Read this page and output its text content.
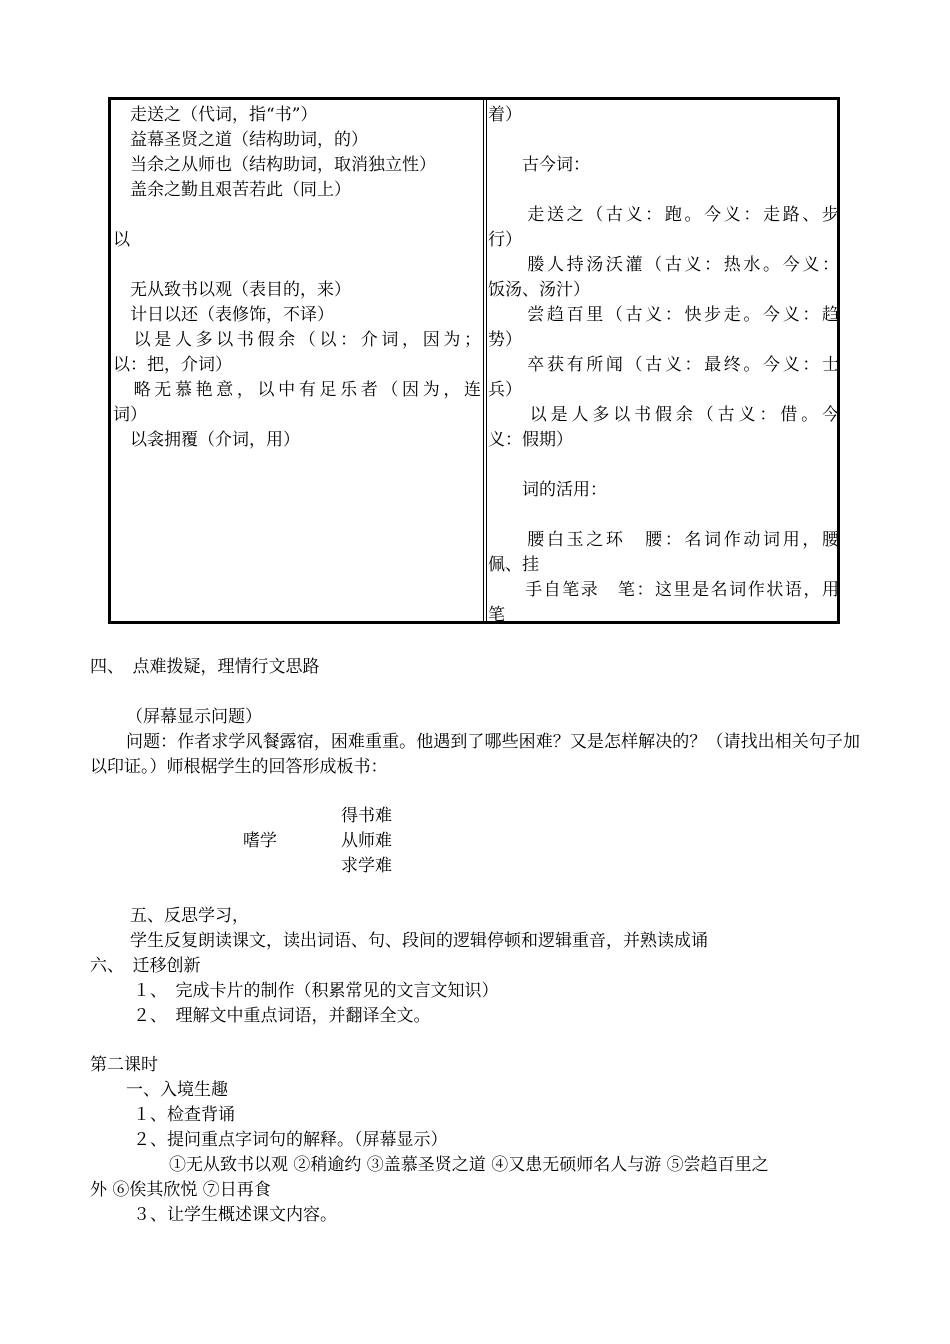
　走送之（代词，指“书”）
　益幕圣贤之道（结构助词，的）
　当余之从师也（结构助词，取消独立性）
　盖余之勤且艰苦若此（同上）
以
　无从致书以观（表目的，来）
　计日以还（表修饰，不译）
　以是人多以书假余（以：介词，因为；
以：把，介词）
　略无慕艳意，以中有足乐者（因为，连
词）
　以衾拥覆（介词，用）
着）
　　古今词：
　　走送之（古义：跑。今义：走路、步
行）
　　媵人持汤沃灌（古义：热水。今义：
饭汤、汤汁）
　　尝趋百里（古义：快步走。今义：趋
势）
　　卒获有所闻（古义：最终。今义：士
兵）
　　以是人多以书假余（古义：借。今
义：假期）
　　词的活用：
　　腰白玉之环　腰：名词作动词用，腰
佩、挂
　　手自笔录　笔：这里是名词作状语，用
笔
四、　点难拨疑，理情行文思路
（屏幕显示问题）
问题：作者求学风餐露宿，困难重重。他遇到了哪些困难？又是怎样解决的？（请找出相关句子加以印证。）师根椐学生的回答形成板书：
嗜学
得书难
从师难
求学难
五、反思学习，
学生反复朗读课文，读出词语、句、段间的逻辑停顿和逻辑重音，并熟读成诵
六、　迁移创新
１、　完成卡片的制作（积累常见的文言文知识）
２、　理解文中重点词语，并翻译全文。
第二课时
一、入境生趣
１、检查背诵
２、提问重点字词句的解释。（屏幕显示）
①无从致书以观 ②稍逾约 ③盖慕圣贤之道 ④又患无硕师名人与游 ⑤尝趋百里之
外 ⑥俟其欣悦 ⑦日再食
３、让学生概述课文内容。
